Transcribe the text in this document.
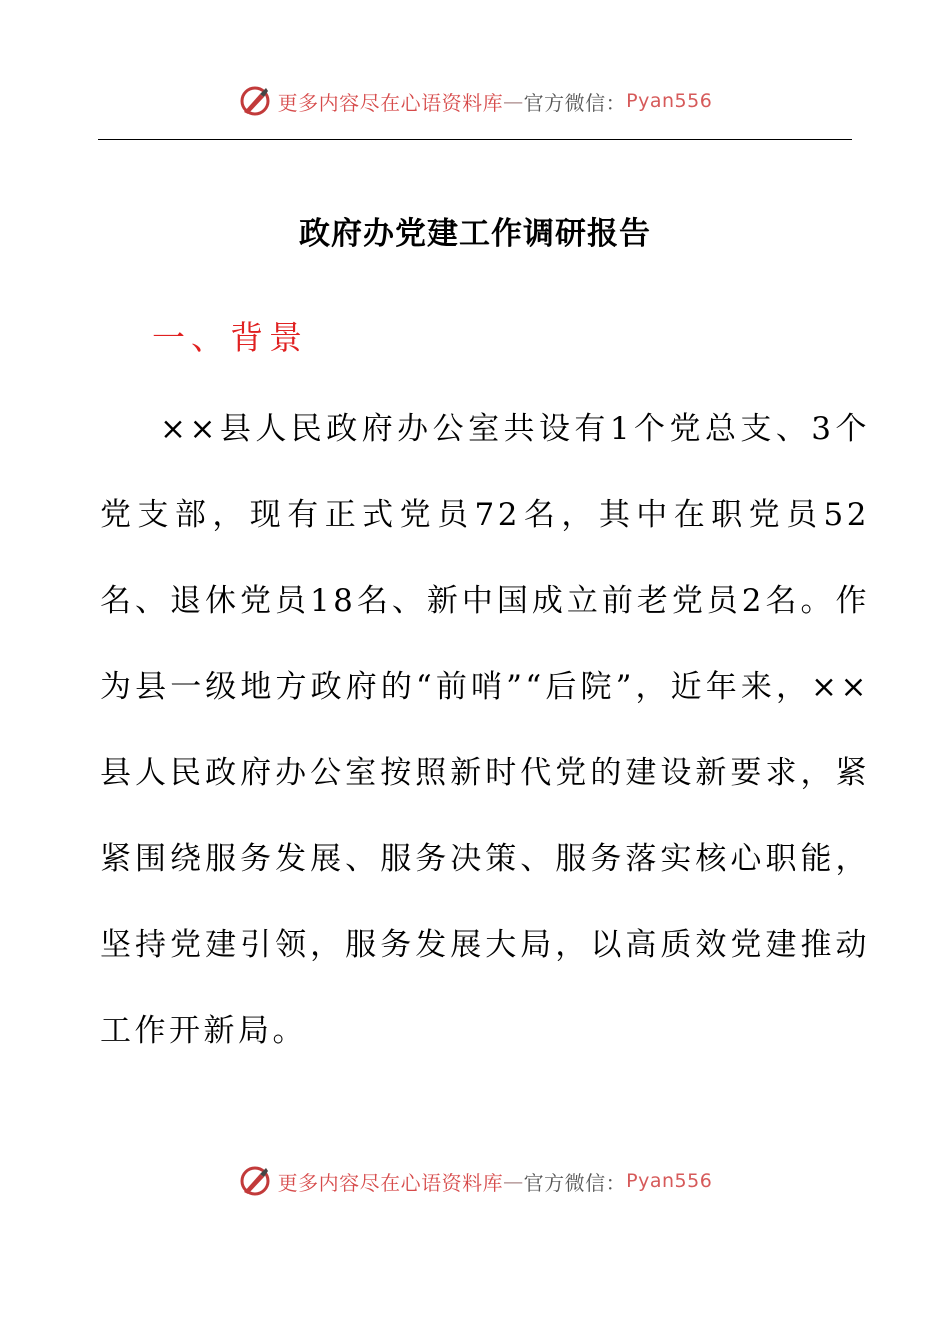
更多内容尽在心语资料库 — 官方微信： Pyan556
政府办党建工作调研报告
一、背景

××县人民政府办公室共设有1个党总支、3个党支部，现有正式党员72名，其中在职党员52名、退休党员18名、新中国成立前老党员2名。作为县一级地方政府的“前哨”“后院”，近年来，××县人民政府办公室按照新时代党的建设新要求，紧紧围绕服务发展、服务决策、服务落实核心职能，坚持党建引领，服务发展大局，以高质效党建推动工作开新局。

更多内容尽在心语资料库 — 官方微信： Pyan556
